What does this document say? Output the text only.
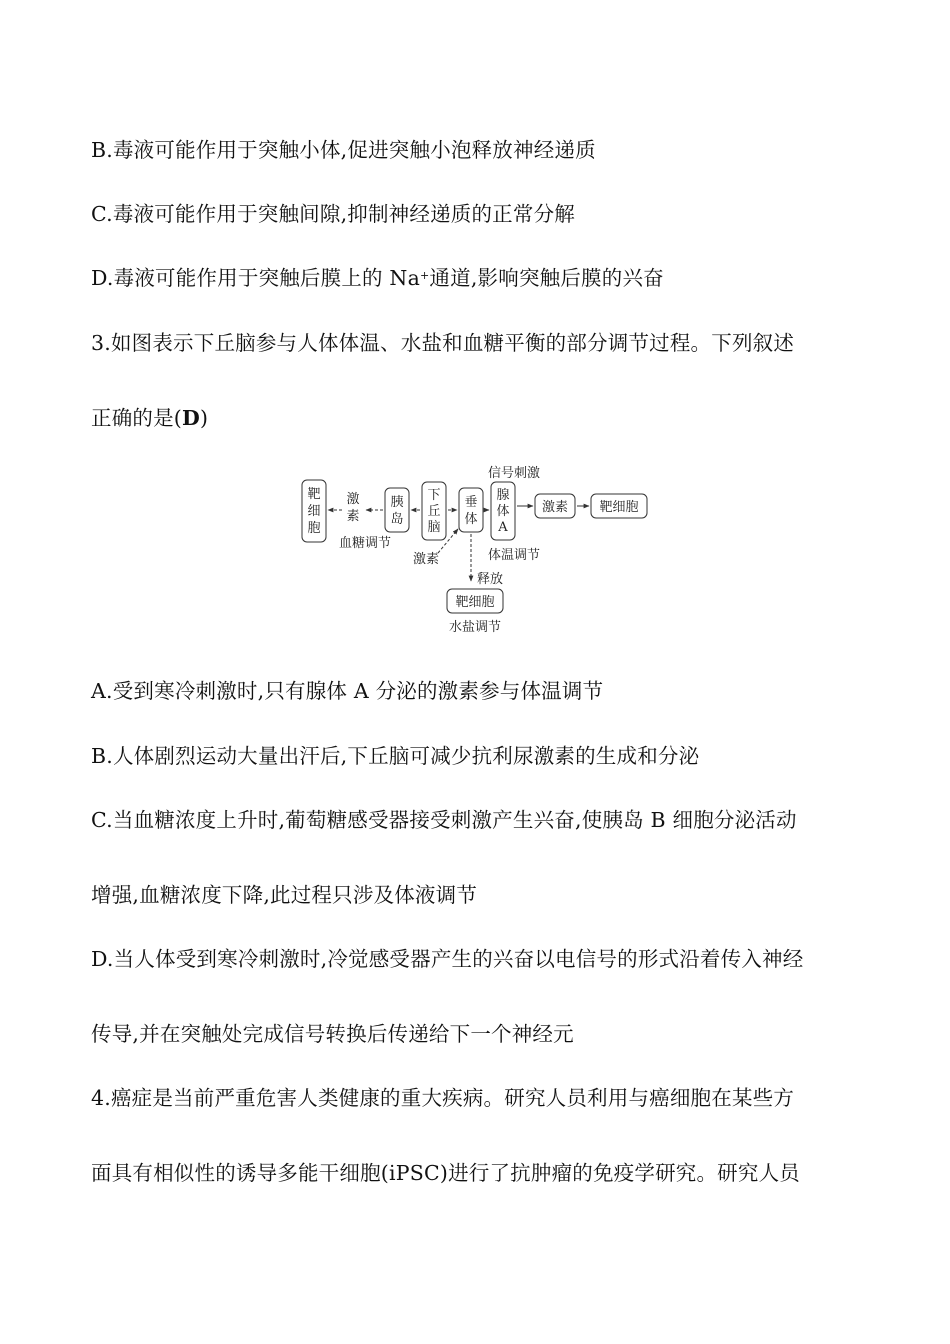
B.毒液可能作用于突触小体,促进突触小泡释放神经递质
C.毒液可能作用于突触间隙,抑制神经递质的正常分解
D.毒液可能作用于突触后膜上的 Na+通道,影响突触后膜的兴奋
3.如图表示下丘脑参与人体体温、水盐和血糖平衡的部分调节过程。下列叙述
正确的是(D)
信号刺激
靶
细
胞
激
素
胰
岛
下
丘
脑
垂
体
腺
体
A
激素 靶细胞
血糖调节
体温调节
激素
释放
靶细胞
水盐调节
A.受到寒冷刺激时,只有腺体 A 分泌的激素参与体温调节
B.人体剧烈运动大量出汗后,下丘脑可减少抗利尿激素的生成和分泌
C.当血糖浓度上升时,葡萄糖感受器接受刺激产生兴奋,使胰岛 B 细胞分泌活动
增强,血糖浓度下降,此过程只涉及体液调节
D.当人体受到寒冷刺激时,冷觉感受器产生的兴奋以电信号的形式沿着传入神经
传导,并在突触处完成信号转换后传递给下一个神经元
4.癌症是当前严重危害人类健康的重大疾病。研究人员利用与癌细胞在某些方
面具有相似性的诱导多能干细胞(iPSC)进行了抗肿瘤的免疫学研究。研究人员
